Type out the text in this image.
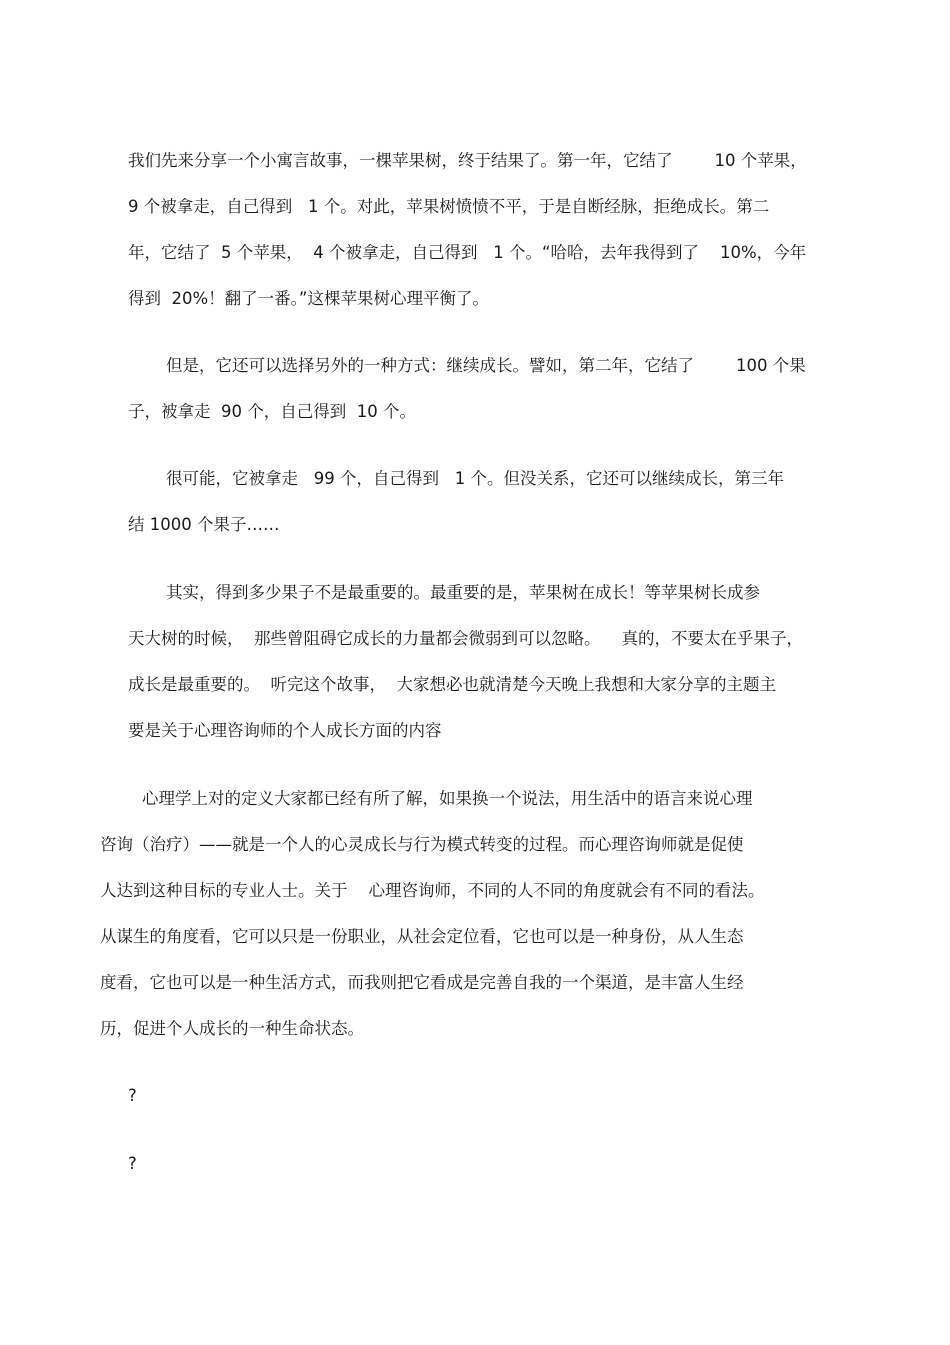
我们先来分享一个小寓言故事，一棵苹果树，终于结果了。第一年，它结了        10 个苹果，
9 个被拿走，自己得到   1 个。对此，苹果树愤愤不平，于是自断经脉，拒绝成长。第二
年，它结了  5 个苹果，  4 个被拿走，自己得到   1 个。“哈哈，去年我得到了    10%，今年
得到  20%！翻了一番。”这棵苹果树心理平衡了。
但是，它还可以选择另外的一种方式：继续成长。譬如，第二年，它结了        100 个果
子，被拿走  90 个，自己得到  10 个。
很可能，它被拿走   99 个，自己得到   1 个。但没关系，它还可以继续成长，第三年
结 1000 个果子……
其实，得到多少果子不是最重要的。最重要的是，苹果树在成长！等苹果树长成参
天大树的时候，  那些曾阻碍它成长的力量都会微弱到可以忽略。    真的，不要太在乎果子，
成长是最重要的。  听完这个故事，  大家想必也就清楚今天晚上我想和大家分享的主题主
要是关于心理咨询师的个人成长方面的内容
心理学上对的定义大家都已经有所了解，如果换一个说法，用生活中的语言来说心理
咨询（治疗）——就是一个人的心灵成长与行为模式转变的过程。而心理咨询师就是促使
人达到这种目标的专业人士。关于    心理咨询师，不同的人不同的角度就会有不同的看法。
从谋生的角度看，它可以只是一份职业，从社会定位看，它也可以是一种身份，从人生态
度看，它也可以是一种生活方式，而我则把它看成是完善自我的一个渠道，是丰富人生经
历，促进个人成长的一种生命状态。
?
?
